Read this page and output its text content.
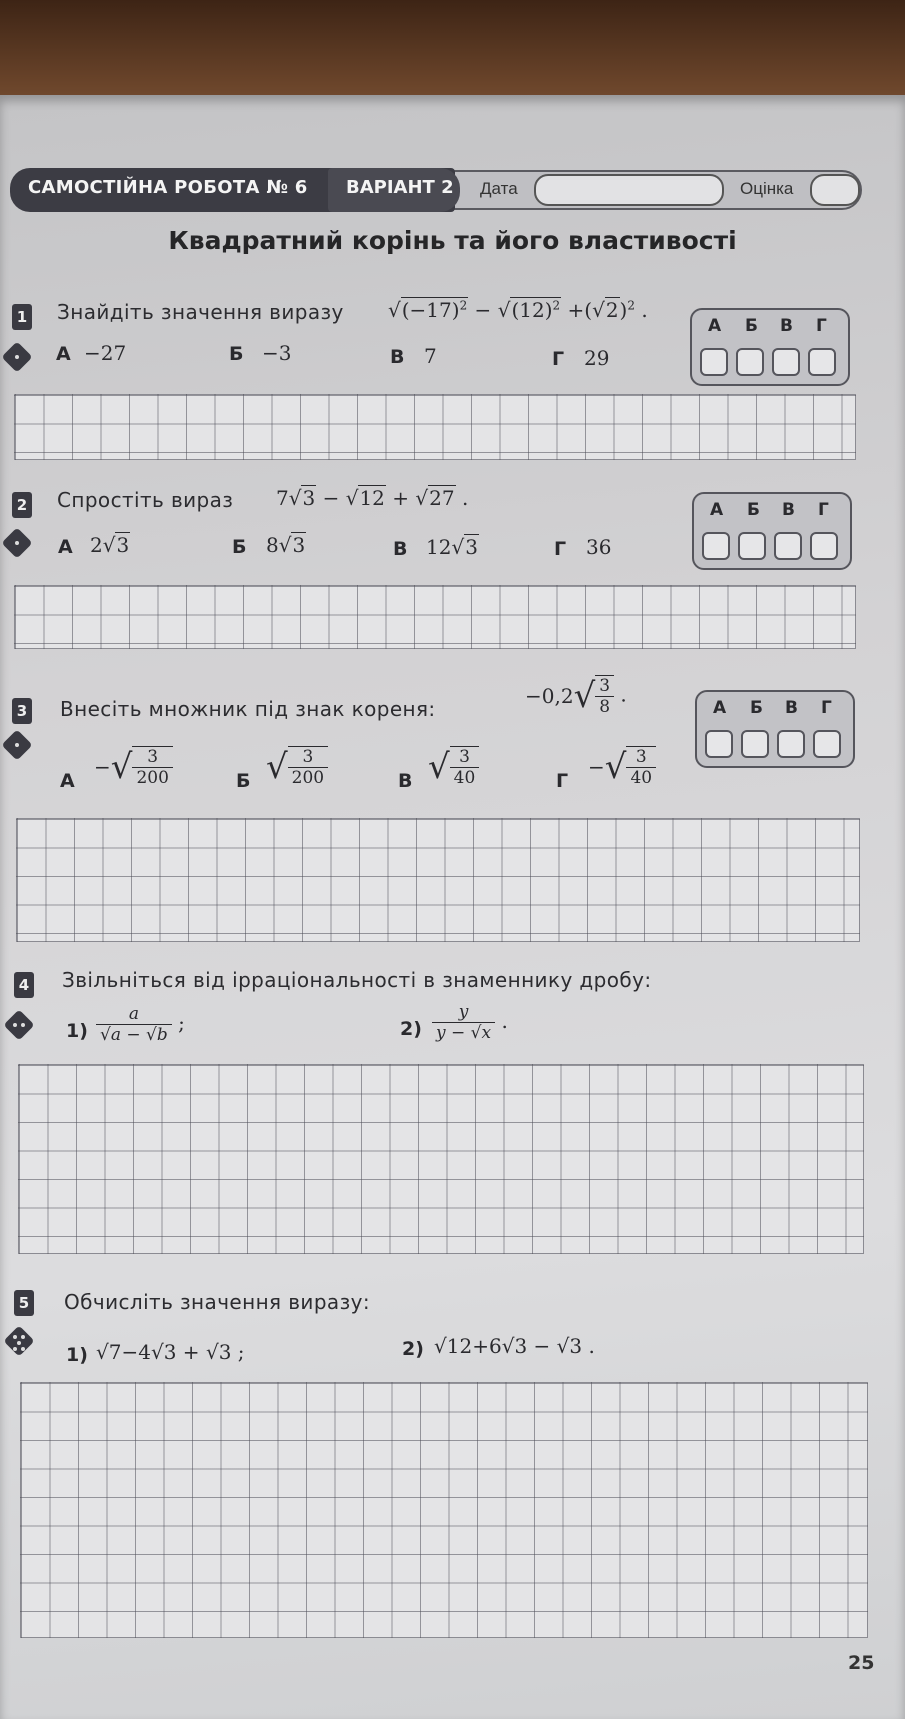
САМОСТІЙНА РОБОТА № 6 ВАРІАНТ 2 Дата	Оцінка
Квадратний корінь та його властивості
1 Знайдіть значення виразу $√(-17)^2 - √(12)^2 +(√2)^2$ .
А −27	Б −3	В 7	Г 29
А Б В Г
2 Спростіть вираз 7√3 − √12 + √27 .
А 2√3	Б 8√3	В 12√3	Г 36
А Б В Г
3 Внесіть множник під знак кореня:
$-0,2√ \frac{3}{8}$ .
А Б В Г
А
−√ $\frac{3}{200}$	Б √ $\frac{3}{200}$	В √ $\frac{3}{40}$	Г
−√ $\frac{3}{40}$
4 Звільніться від ірраціональності в знаменнику дробу:
$1) \frac{a}{√a - √b}$ ;	$2) \frac{y}{y - √x}$ .
5 Обчисліть значення виразу:
1) √7−4√3 + √3 ;	2) √12+6√3 − √3 .
25
